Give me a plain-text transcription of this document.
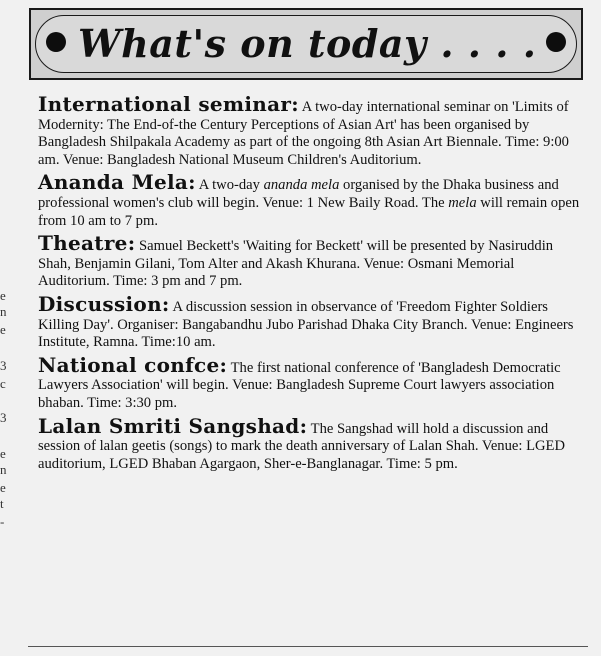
What's on today . . . .
International seminar: A two-day international seminar on 'Limits of Modernity: The End-of-the Century Perceptions of Asian Art' has been organised by Bangladesh Shilpakala Academy as part of the ongoing 8th Asian Art Biennale. Time: 9:00 am. Venue: Bangladesh National Museum Children's Auditorium.
Ananda Mela: A two-day ananda mela organised by the Dhaka business and professional women's club will begin. Venue: 1 New Baily Road. The mela will remain open from 10 am to 7 pm.
Theatre: Samuel Beckett's 'Waiting for Beckett' will be presented by Nasiruddin Shah, Benjamin Gilani, Tom Alter and Akash Khurana. Venue: Osmani Memorial Auditorium. Time: 3 pm and 7 pm.
Discussion: A discussion session in observance of 'Freedom Fighter Soldiers Killing Day'. Organiser: Bangabandhu Jubo Parishad Dhaka City Branch. Venue: Engineers Institute, Ramna. Time:10 am.
National confce: The first national conference of 'Bangladesh Democratic Lawyers Association' will begin. Venue: Bangladesh Supreme Court lawyers association bhaban. Time: 3:30 pm.
Lalan Smriti Sangshad: The Sangshad will hold a discussion and session of lalan geetis (songs) to mark the death anniversary of Lalan Shah. Venue: LGED auditorium, LGED Bhaban Agargaon, Sher-e-Banglanagar. Time: 5 pm.
e
n
e
3
c
3
e
n
e
t
-
